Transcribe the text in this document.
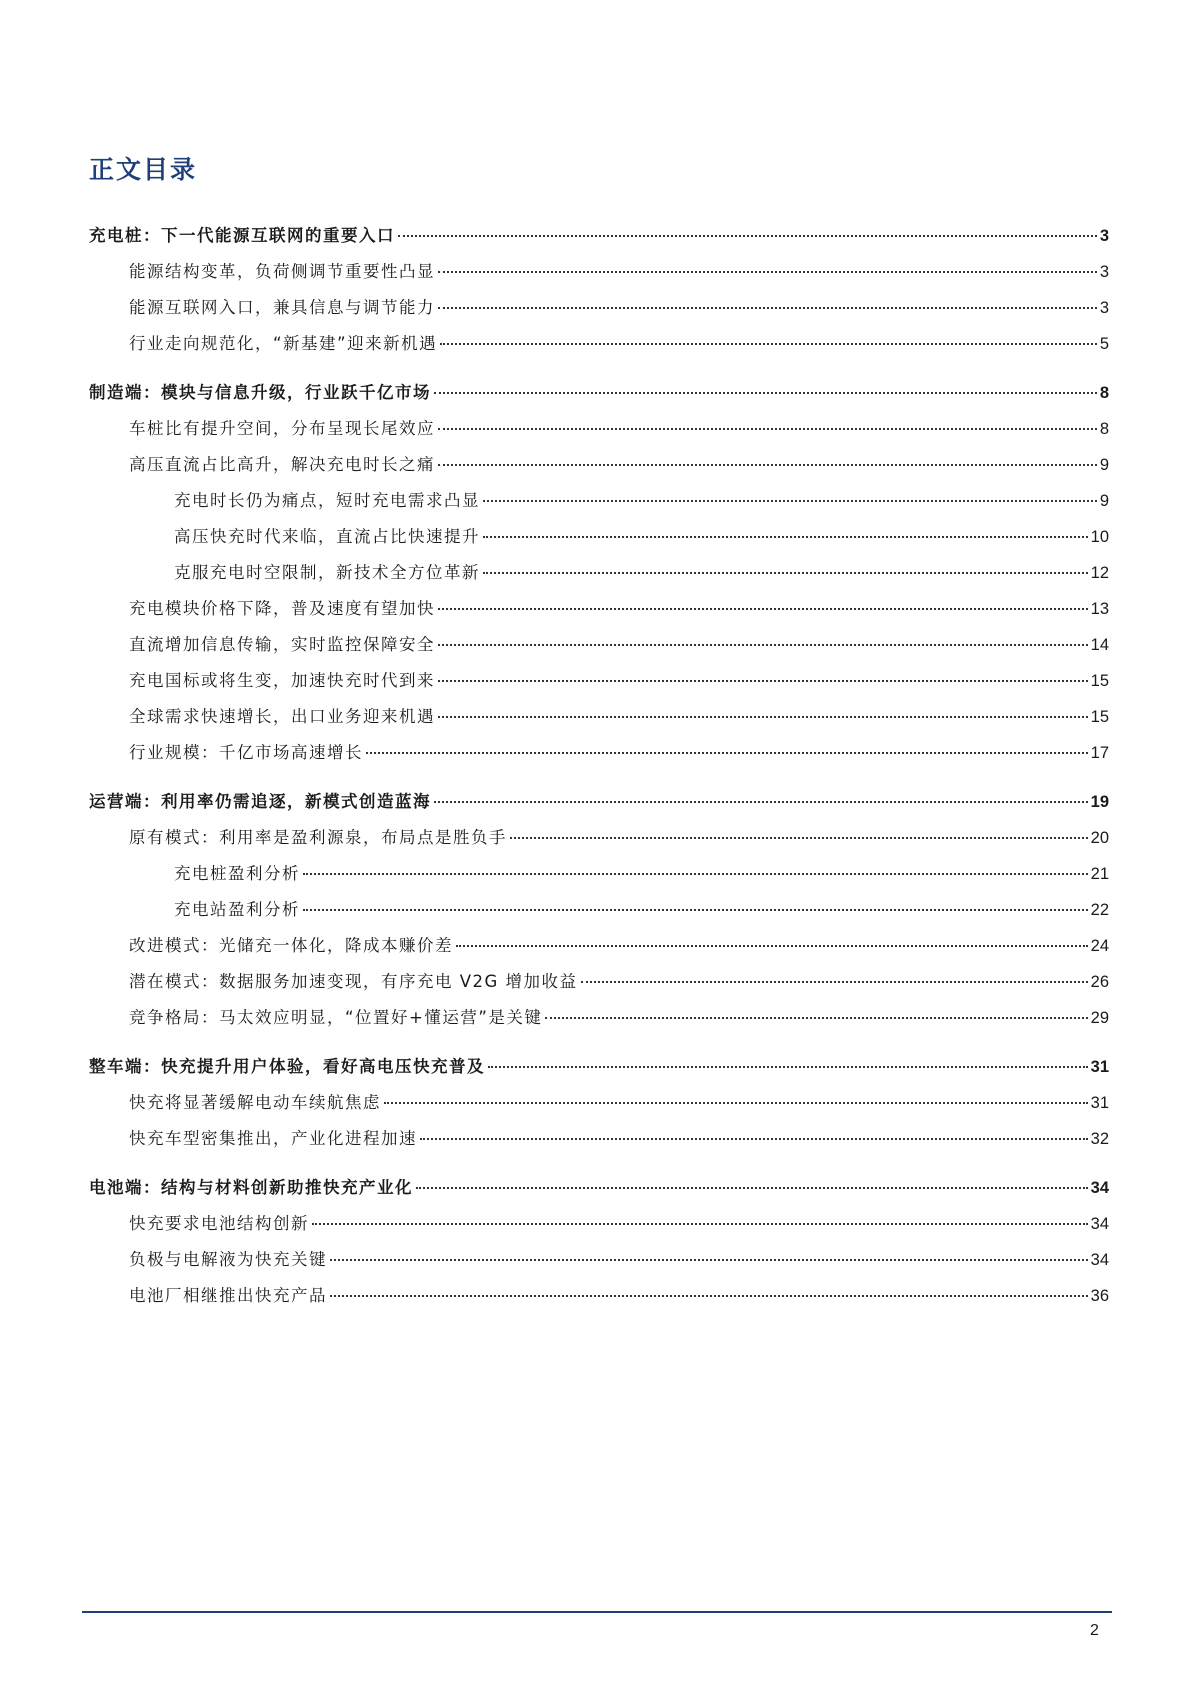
正文目录
充电桩：下一代能源互联网的重要入口	3
能源结构变革，负荷侧调节重要性凸显	3
能源互联网入口，兼具信息与调节能力	3
行业走向规范化，“新基建”迎来新机遇	5
制造端：模块与信息升级，行业跃千亿市场	8
车桩比有提升空间，分布呈现长尾效应	8
高压直流占比高升，解决充电时长之痛	9
充电时长仍为痛点，短时充电需求凸显	9
高压快充时代来临，直流占比快速提升	10
克服充电时空限制，新技术全方位革新	12
充电模块价格下降，普及速度有望加快	13
直流增加信息传输，实时监控保障安全	14
充电国标或将生变，加速快充时代到来	15
全球需求快速增长，出口业务迎来机遇	15
行业规模：千亿市场高速增长	17
运营端：利用率仍需追逐，新模式创造蓝海	19
原有模式：利用率是盈利源泉，布局点是胜负手	20
充电桩盈利分析	21
充电站盈利分析	22
改进模式：光储充一体化，降成本赚价差	24
潜在模式：数据服务加速变现，有序充电 V2G 增加收益	26
竞争格局：马太效应明显，“位置好+懂运营”是关键	29
整车端：快充提升用户体验，看好高电压快充普及	31
快充将显著缓解电动车续航焦虑	31
快充车型密集推出，产业化进程加速	32
电池端：结构与材料创新助推快充产业化	34
快充要求电池结构创新	34
负极与电解液为快充关键	34
电池厂相继推出快充产品	36
2
